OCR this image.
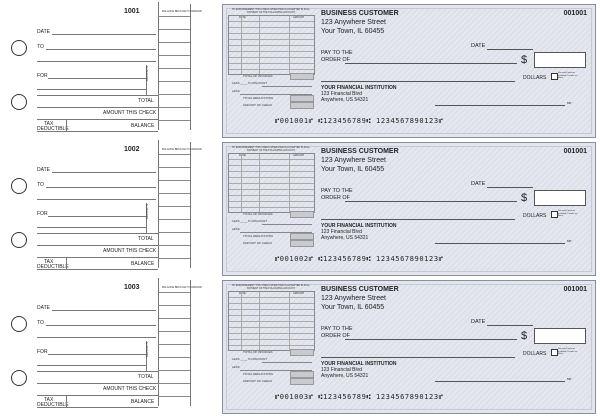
1001
DATE
TO
FOR	DEPOSITS
BALANCE BROUGHT FORWARD
TOTAL
AMOUNT THIS CHECK
TAX
DEDUCTIBLE	BALANCE
BY ENDORSEMENT THIS CHECK WHEN PAID IS ACCEPTED IN FULL PAYMENT OF THE FOLLOWING ACCOUNT
DATE	AMOUNT
TOTAL OF INVOICES
LESS ____ % DISCOUNT
LESS
TOTAL DEDUCTIONS
AMOUNT OF CHECK
BUSINESS CUSTOMER
123 Anywhere Street
Your Town, IL 60455
001001
DATE
PAY TO THE
ORDER OF	$
DOLLARS
Security Features Included. Details on Back.
YOUR FINANCIAL INSTITUTION
123 Financial Blvd
Anywhere, US 54321	MP
⑈001001⑈ ⑆123456789⑆ 1234567890123⑈
1002
DATE
TO
FOR	DEPOSITS
BALANCE BROUGHT FORWARD
TOTAL
AMOUNT THIS CHECK
TAX
DEDUCTIBLE	BALANCE
BY ENDORSEMENT THIS CHECK WHEN PAID IS ACCEPTED IN FULL PAYMENT OF THE FOLLOWING ACCOUNT
DATE	AMOUNT
TOTAL OF INVOICES
LESS ____ % DISCOUNT
LESS
TOTAL DEDUCTIONS
AMOUNT OF CHECK
BUSINESS CUSTOMER
123 Anywhere Street
Your Town, IL 60455
001001
DATE
PAY TO THE
ORDER OF	$
DOLLARS
Security Features Included. Details on Back.
YOUR FINANCIAL INSTITUTION
123 Financial Blvd
Anywhere, US 54321	MP
⑈001002⑈ ⑆123456789⑆ 1234567890123⑈
1003
DATE
TO
FOR	DEPOSITS
BALANCE BROUGHT FORWARD
TOTAL
AMOUNT THIS CHECK
TAX
DEDUCTIBLE	BALANCE
BY ENDORSEMENT THIS CHECK WHEN PAID IS ACCEPTED IN FULL PAYMENT OF THE FOLLOWING ACCOUNT
DATE	AMOUNT
TOTAL OF INVOICES
LESS ____ % DISCOUNT
LESS
TOTAL DEDUCTIONS
AMOUNT OF CHECK
BUSINESS CUSTOMER
123 Anywhere Street
Your Town, IL 60455
001001
DATE
PAY TO THE
ORDER OF	$
DOLLARS
Security Features Included. Details on Back.
YOUR FINANCIAL INSTITUTION
123 Financial Blvd
Anywhere, US 54321	MP
⑈001003⑈ ⑆123456789⑆ 1234567890123⑈
